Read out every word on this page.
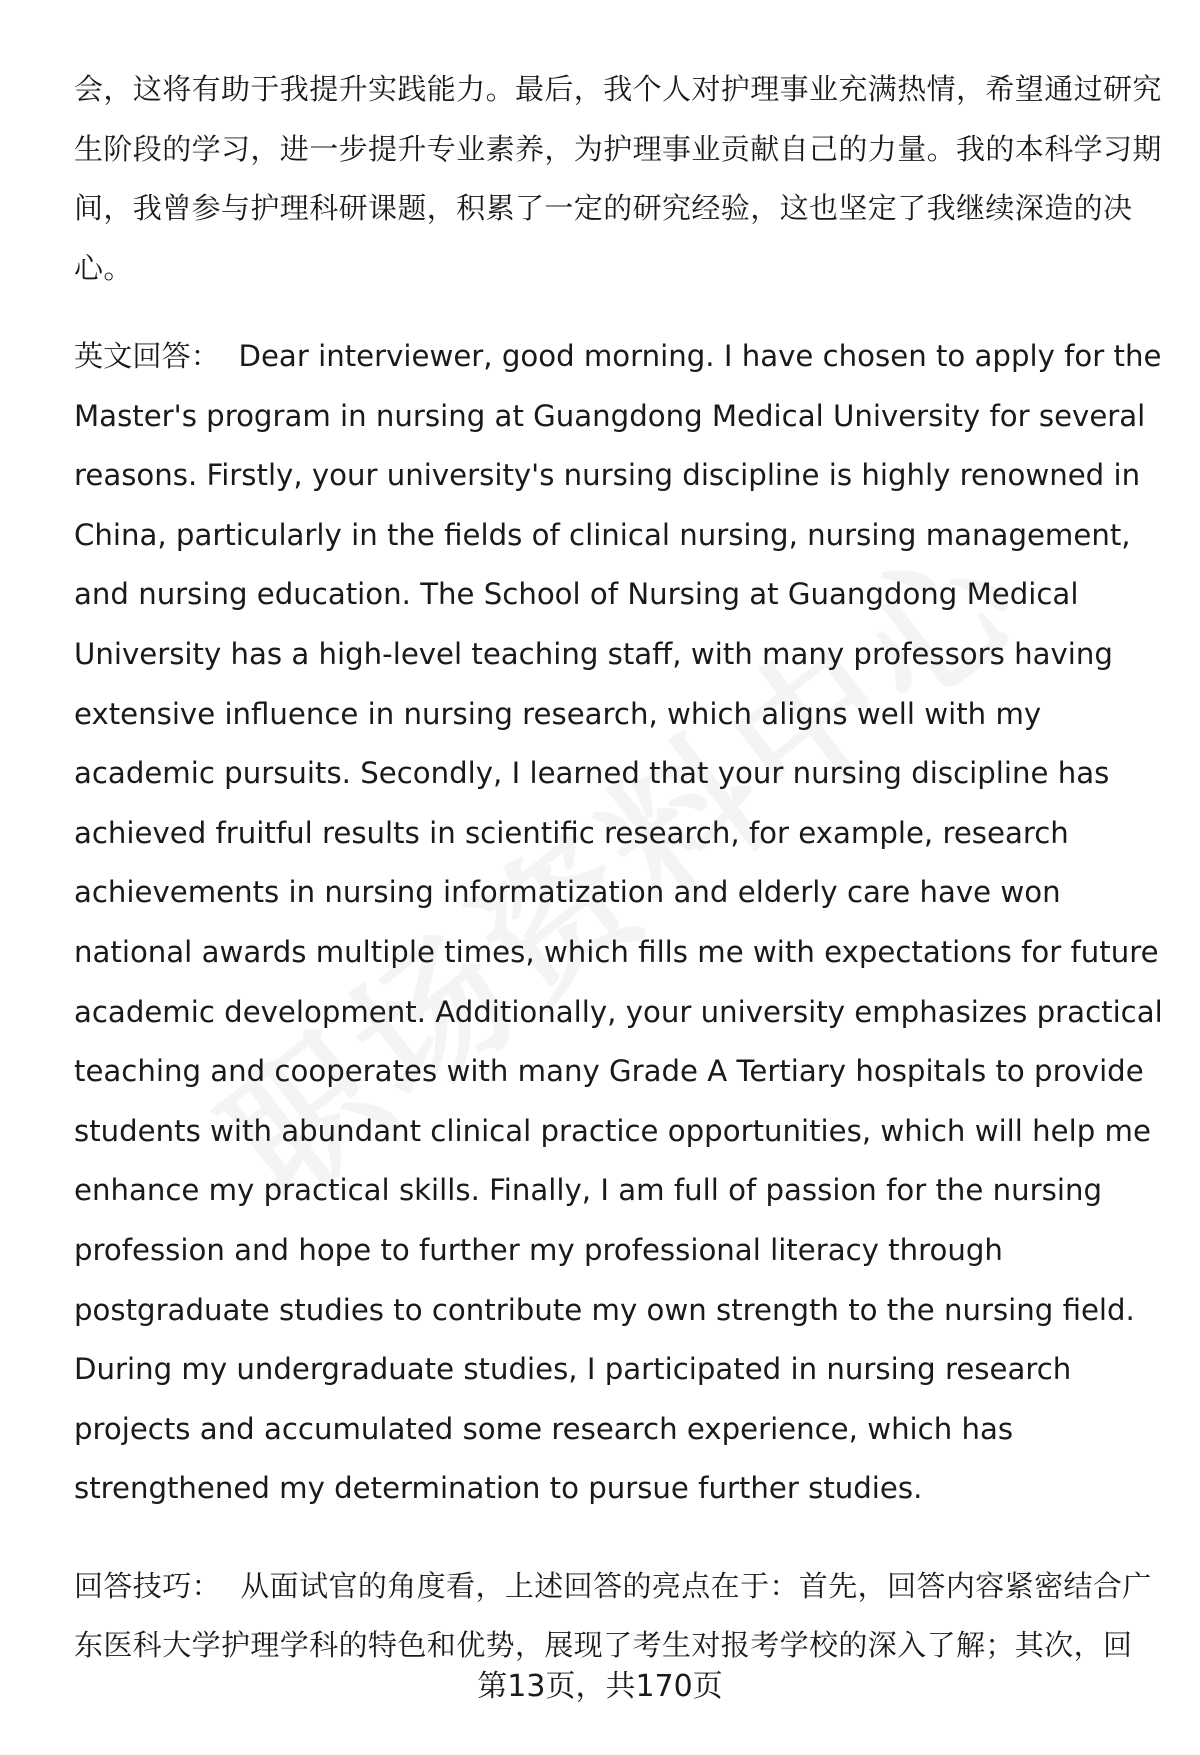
会，这将有助于我提升实践能力。最后，我个人对护理事业充满热情，希望通过研究生阶段的学习，进一步提升专业素养，为护理事业贡献自己的力量。我的本科学习期间，我曾参与护理科研课题，积累了一定的研究经验，这也坚定了我继续深造的决心。

英文回答： Dear interviewer, good morning. I have chosen to apply for the Master's program in nursing at Guangdong Medical University for several reasons. Firstly, your university's nursing discipline is highly renowned in China, particularly in the fields of clinical nursing, nursing management, and nursing education. The School of Nursing at Guangdong Medical University has a high-level teaching staff, with many professors having extensive influence in nursing research, which aligns well with my academic pursuits. Secondly, I learned that your nursing discipline has achieved fruitful results in scientific research, for example, research achievements in nursing informatization and elderly care have won national awards multiple times, which fills me with expectations for future academic development. Additionally, your university emphasizes practical teaching and cooperates with many Grade A Tertiary hospitals to provide students with abundant clinical practice opportunities, which will help me enhance my practical skills. Finally, I am full of passion for the nursing profession and hope to further my professional literacy through postgraduate studies to contribute my own strength to the nursing field. During my undergraduate studies, I participated in nursing research projects and accumulated some research experience, which has strengthened my determination to pursue further studies.

回答技巧： 从面试官的角度看，上述回答的亮点在于：首先，回答内容紧密结合广东医科大学护理学科的特色和优势，展现了考生对报考学校的深入了解；其次，回

第13页，共170页
